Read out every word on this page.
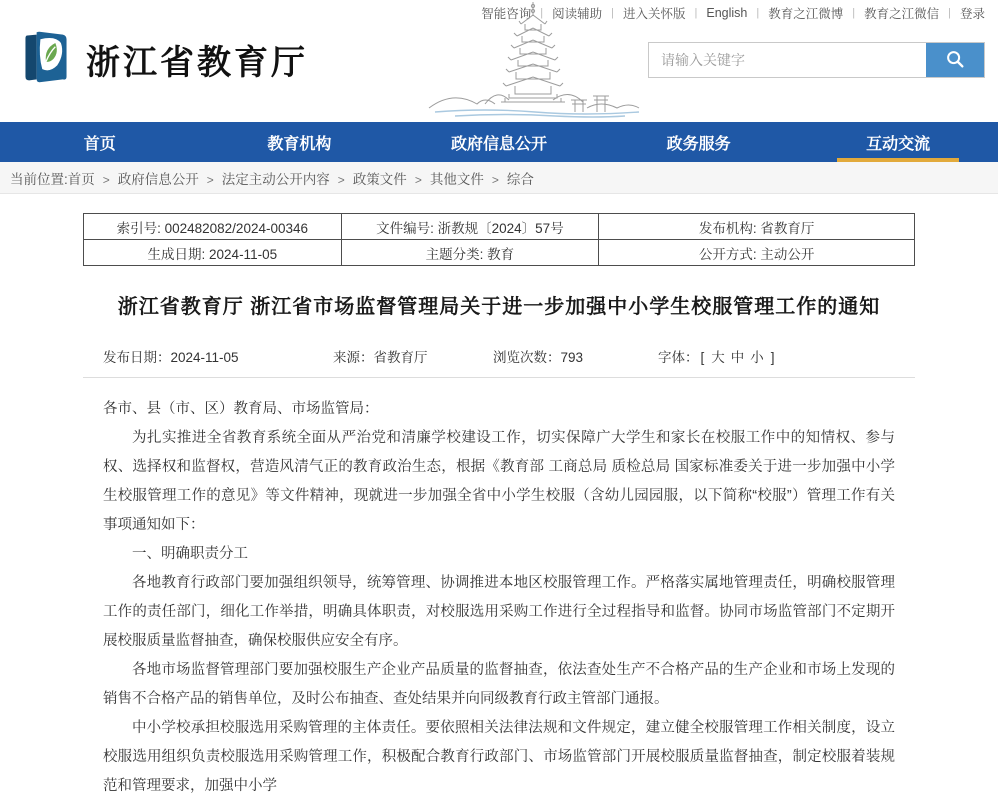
智能咨询 | 阅读辅助 | 进入关怀版 | English | 教育之江微博 | 教育之江微信 | 登录
浙江省教育厅
请输入关键字
首页	教育机构	政府信息公开	政务服务	互动交流
当前位置: 首页	> 政府信息公开	> 法定主动公开内容	> 政策文件	> 其他文件	> 综合
索引号: 002482082/2024-00346	文件编号: 浙教规〔2024〕57号	发布机构: 省教育厅
生成日期: 2024-11-05	主题分类: 教育	公开方式: 主动公开
浙江省教育厅 浙江省市场监督管理局关于进一步加强中小学生校服管理工作的通知
发布日期：2024-11-05	来源：省教育厅	浏览次数：793	字体： [ 大 中 小 ]

各市、县（市、区）教育局、市场监管局：

为扎实推进全省教育系统全面从严治党和清廉学校建设工作，切实保障广大学生和家长在校服工作中的知情权、参与权、选择权和监督权，营造风清气正的教育政治生态，根据《教育部 工商总局 质检总局 国家标准委关于进一步加强中小学生校服管理工作的意见》等文件精神，现就进一步加强全省中小学生校服（含幼儿园园服，以下简称“校服”）管理工作有关事项通知如下：

一、明确职责分工

各地教育行政部门要加强组织领导，统筹管理、协调推进本地区校服管理工作。严格落实属地管理责任，明确校服管理工作的责任部门，细化工作举措，明确具体职责，对校服选用采购工作进行全过程指导和监督。协同市场监管部门不定期开展校服质量监督抽查，确保校服供应安全有序。

各地市场监督管理部门要加强校服生产企业产品质量的监督抽查，依法查处生产不合格产品的生产企业和市场上发现的销售不合格产品的销售单位，及时公布抽查、查处结果并向同级教育行政主管部门通报。

中小学校承担校服选用采购管理的主体责任。要依照相关法律法规和文件规定，建立健全校服管理工作相关制度，设立校服选用组织负责校服选用采购管理工作，积极配合教育行政部门、市场监管部门开展校服质量监督抽查，制定校服着装规范和管理要求，加强中小学
